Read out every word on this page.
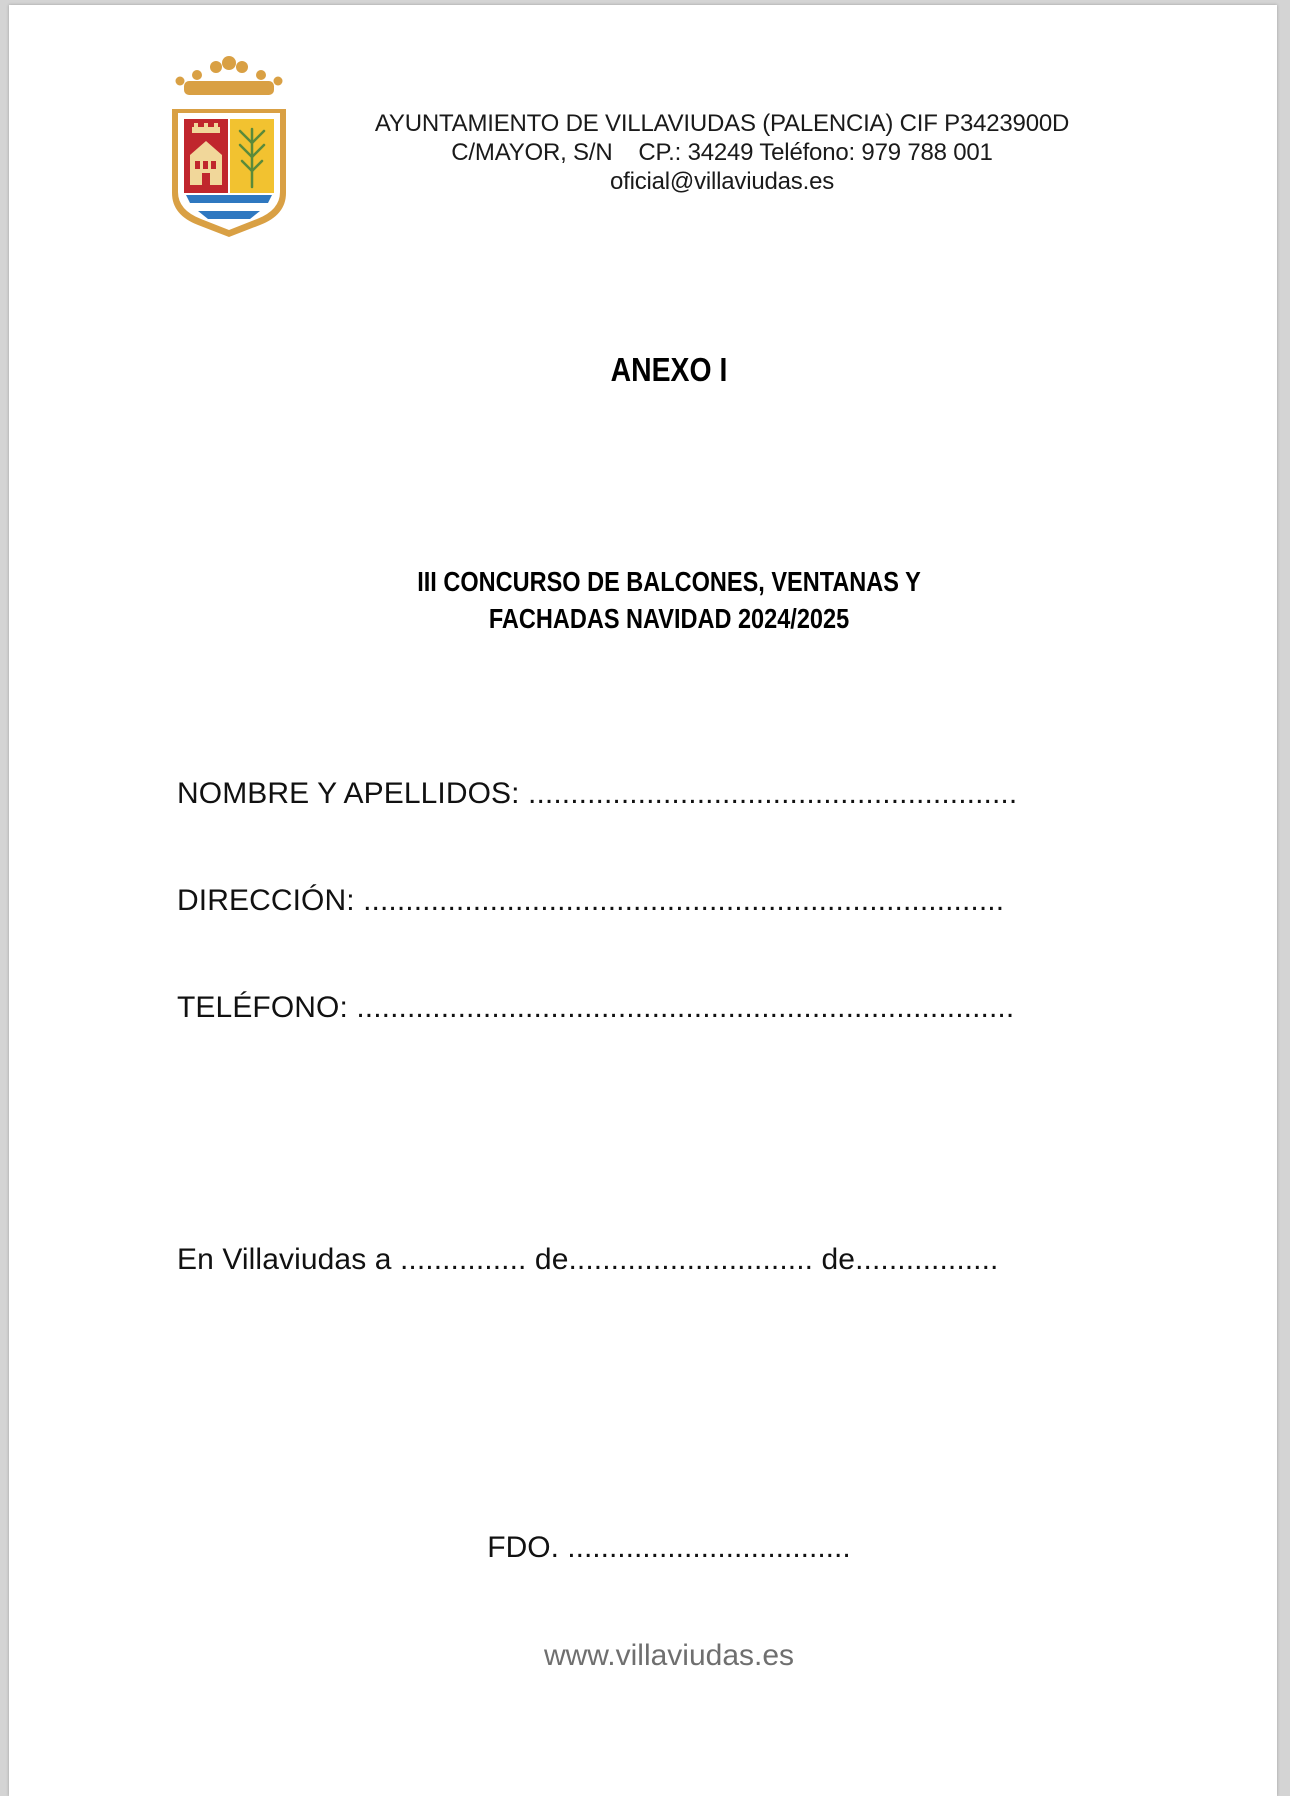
AYUNTAMIENTO DE VILLAVIUDAS (PALENCIA) CIF P3423900D
C/MAYOR, S/N    CP.: 34249 Teléfono: 979 788 001
oficial@villaviudas.es
ANEXO I
III CONCURSO DE BALCONES, VENTANAS Y
FACHADAS NAVIDAD 2024/2025
NOMBRE Y APELLIDOS: ..........................................................
DIRECCIÓN: ............................................................................
TELÉFONO: ..............................................................................
En Villaviudas a ............... de............................. de.................
FDO. ..................................
www.villaviudas.es
